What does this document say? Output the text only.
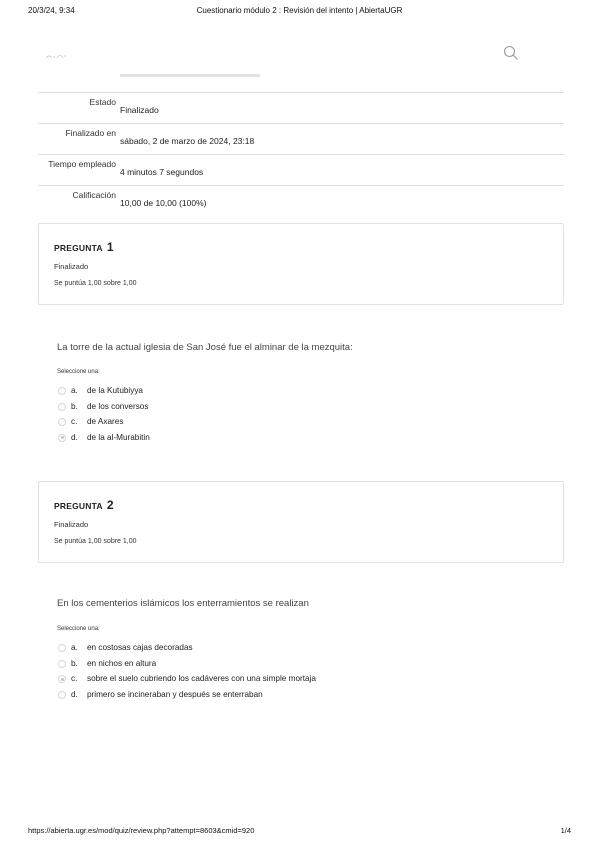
20/3/24, 9:34	Cuestionario módulo 2 : Revisión del intento | AbiertaUGR
Estado
Finalizado
Finalizado en
sábado, 2 de marzo de 2024, 23:18
Tiempo empleado
4 minutos 7 segundos
Calificación
10,00 de 10,00 (100%)
PREGUNTA 1
Finalizado
Se puntúa 1,00 sobre 1,00
La torre de la actual iglesia de San José fue el alminar de la mezquita:
Seleccione una:
a. de la Kutubiyya
b. de los conversos
c. de Axares
d. de la al-Murabitin
PREGUNTA 2
Finalizado
Se puntúa 1,00 sobre 1,00
En los cementerios islámicos los enterramientos se realizan
Seleccione una:
a. en costosas cajas decoradas
b. en nichos en altura
c. sobre el suelo cubriendo los cadáveres con una simple mortaja
d. primero se incineraban y después se enterraban
https://abierta.ugr.es/mod/quiz/review.php?attempt=8603&cmid=920	1/4
